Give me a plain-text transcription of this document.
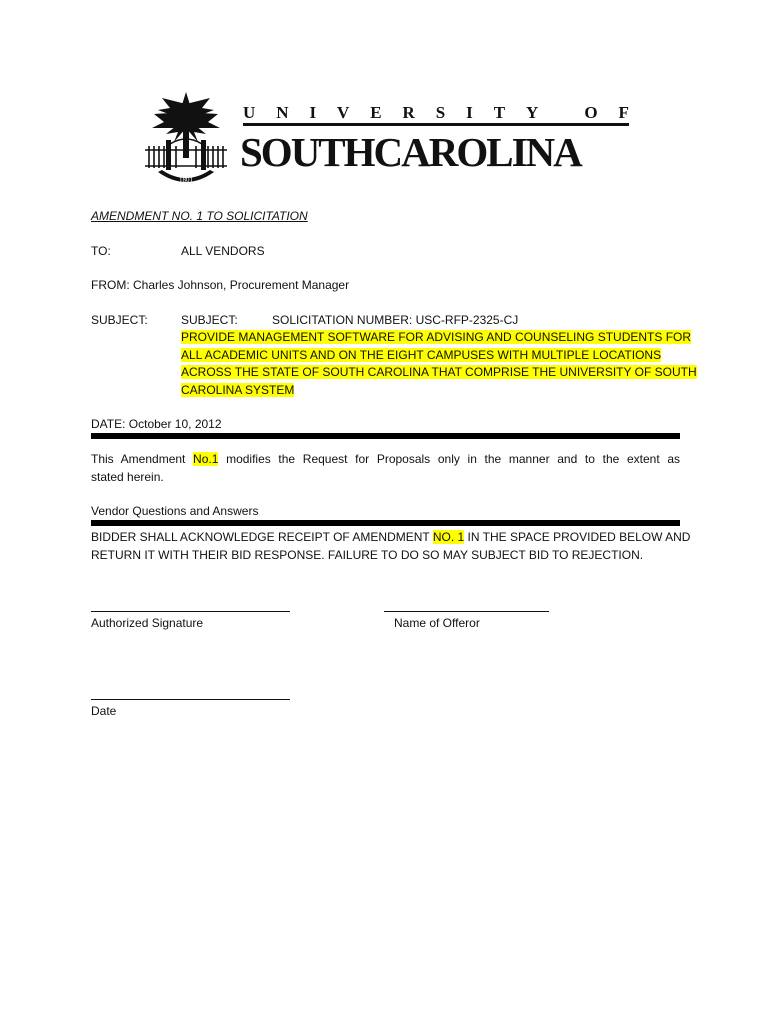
1801
U N I V E R S I T Y
	O F
SOUTHCAROLINA
AMENDMENT NO. 1 TO SOLICITATION
TO:	ALL VENDORS
FROM: Charles Johnson, Procurement Manager
SUBJECT:	SUBJECT:	SOLICITATION NUMBER: USC-RFP-2325-CJ
PROVIDE MANAGEMENT SOFTWARE FOR ADVISING AND COUNSELING STUDENTS FOR
ALL ACADEMIC UNITS AND ON THE EIGHT CAMPUSES WITH MULTIPLE LOCATIONS
ACROSS THE STATE OF SOUTH CAROLINA THAT COMPRISE THE UNIVERSITY OF SOUTH
CAROLINA SYSTEM
DATE: October 10, 2012
This Amendment No.1 modifies the Request for Proposals only in the manner and to the extent as
stated herein.
Vendor Questions and Answers
BIDDER SHALL ACKNOWLEDGE RECEIPT OF AMENDMENT NO. 1 IN THE SPACE PROVIDED BELOW AND
RETURN IT WITH THEIR BID RESPONSE. FAILURE TO DO SO MAY SUBJECT BID TO REJECTION.
Authorized Signature	Name of Offeror
Date
